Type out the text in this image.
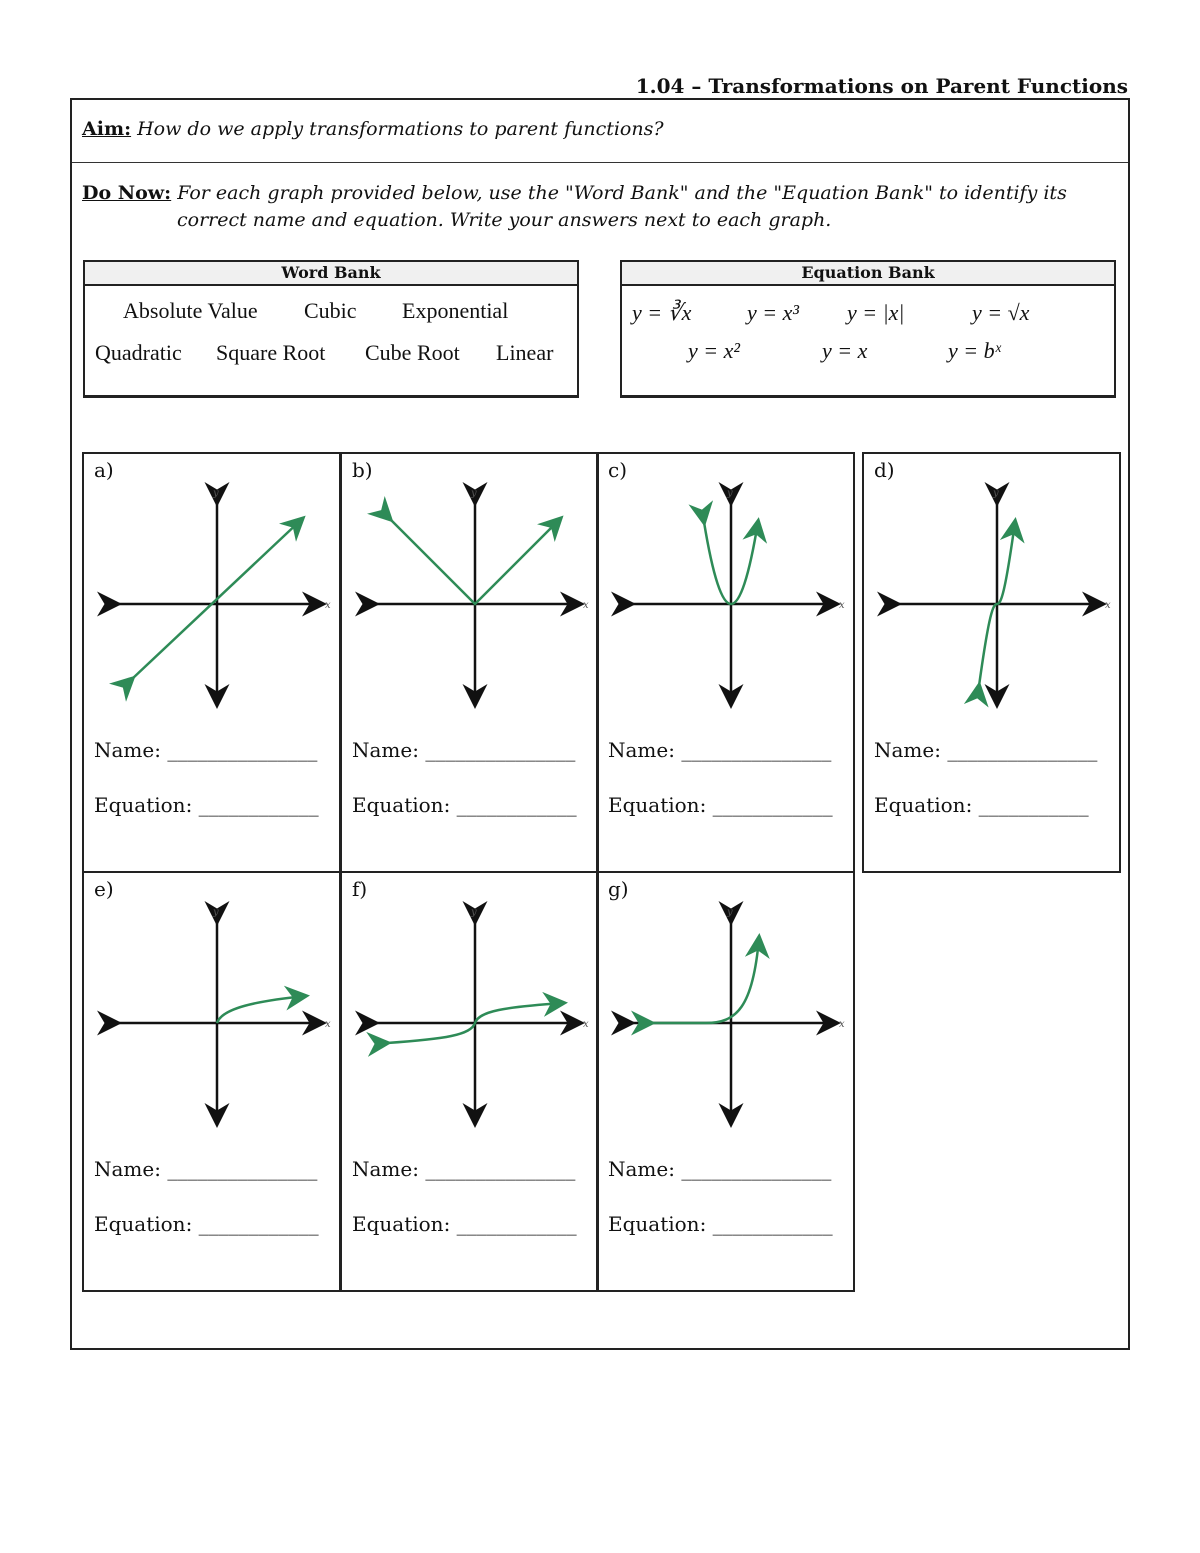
1.04 – Transformations on Parent Functions
Aim: How do we apply transformations to parent functions?
Do Now: For each graph provided below, use the "Word Bank" and the "Equation Bank" to identify its
correct name and equation. Write your answers next to each graph.
Word Bank
Absolute Value Cubic Exponential
Quadratic Square Root Cube Root Linear
Equation Bank
y = ∛x	y = x³ y = |x|	y = √x
y = x²	y = x	y = bˣ
a)
x
y
Name: _______________
Equation: ____________
b)
x
y
Name: _______________
Equation: ____________
c)
x
y
Name: _______________
Equation: ____________
d)
x
y
Name: _______________
Equation: ___________
e)
x
y
Name: _______________
Equation: ____________
f)
x
y
Name: _______________
Equation: ____________
g)
x
y
Name: _______________
Equation: ____________
